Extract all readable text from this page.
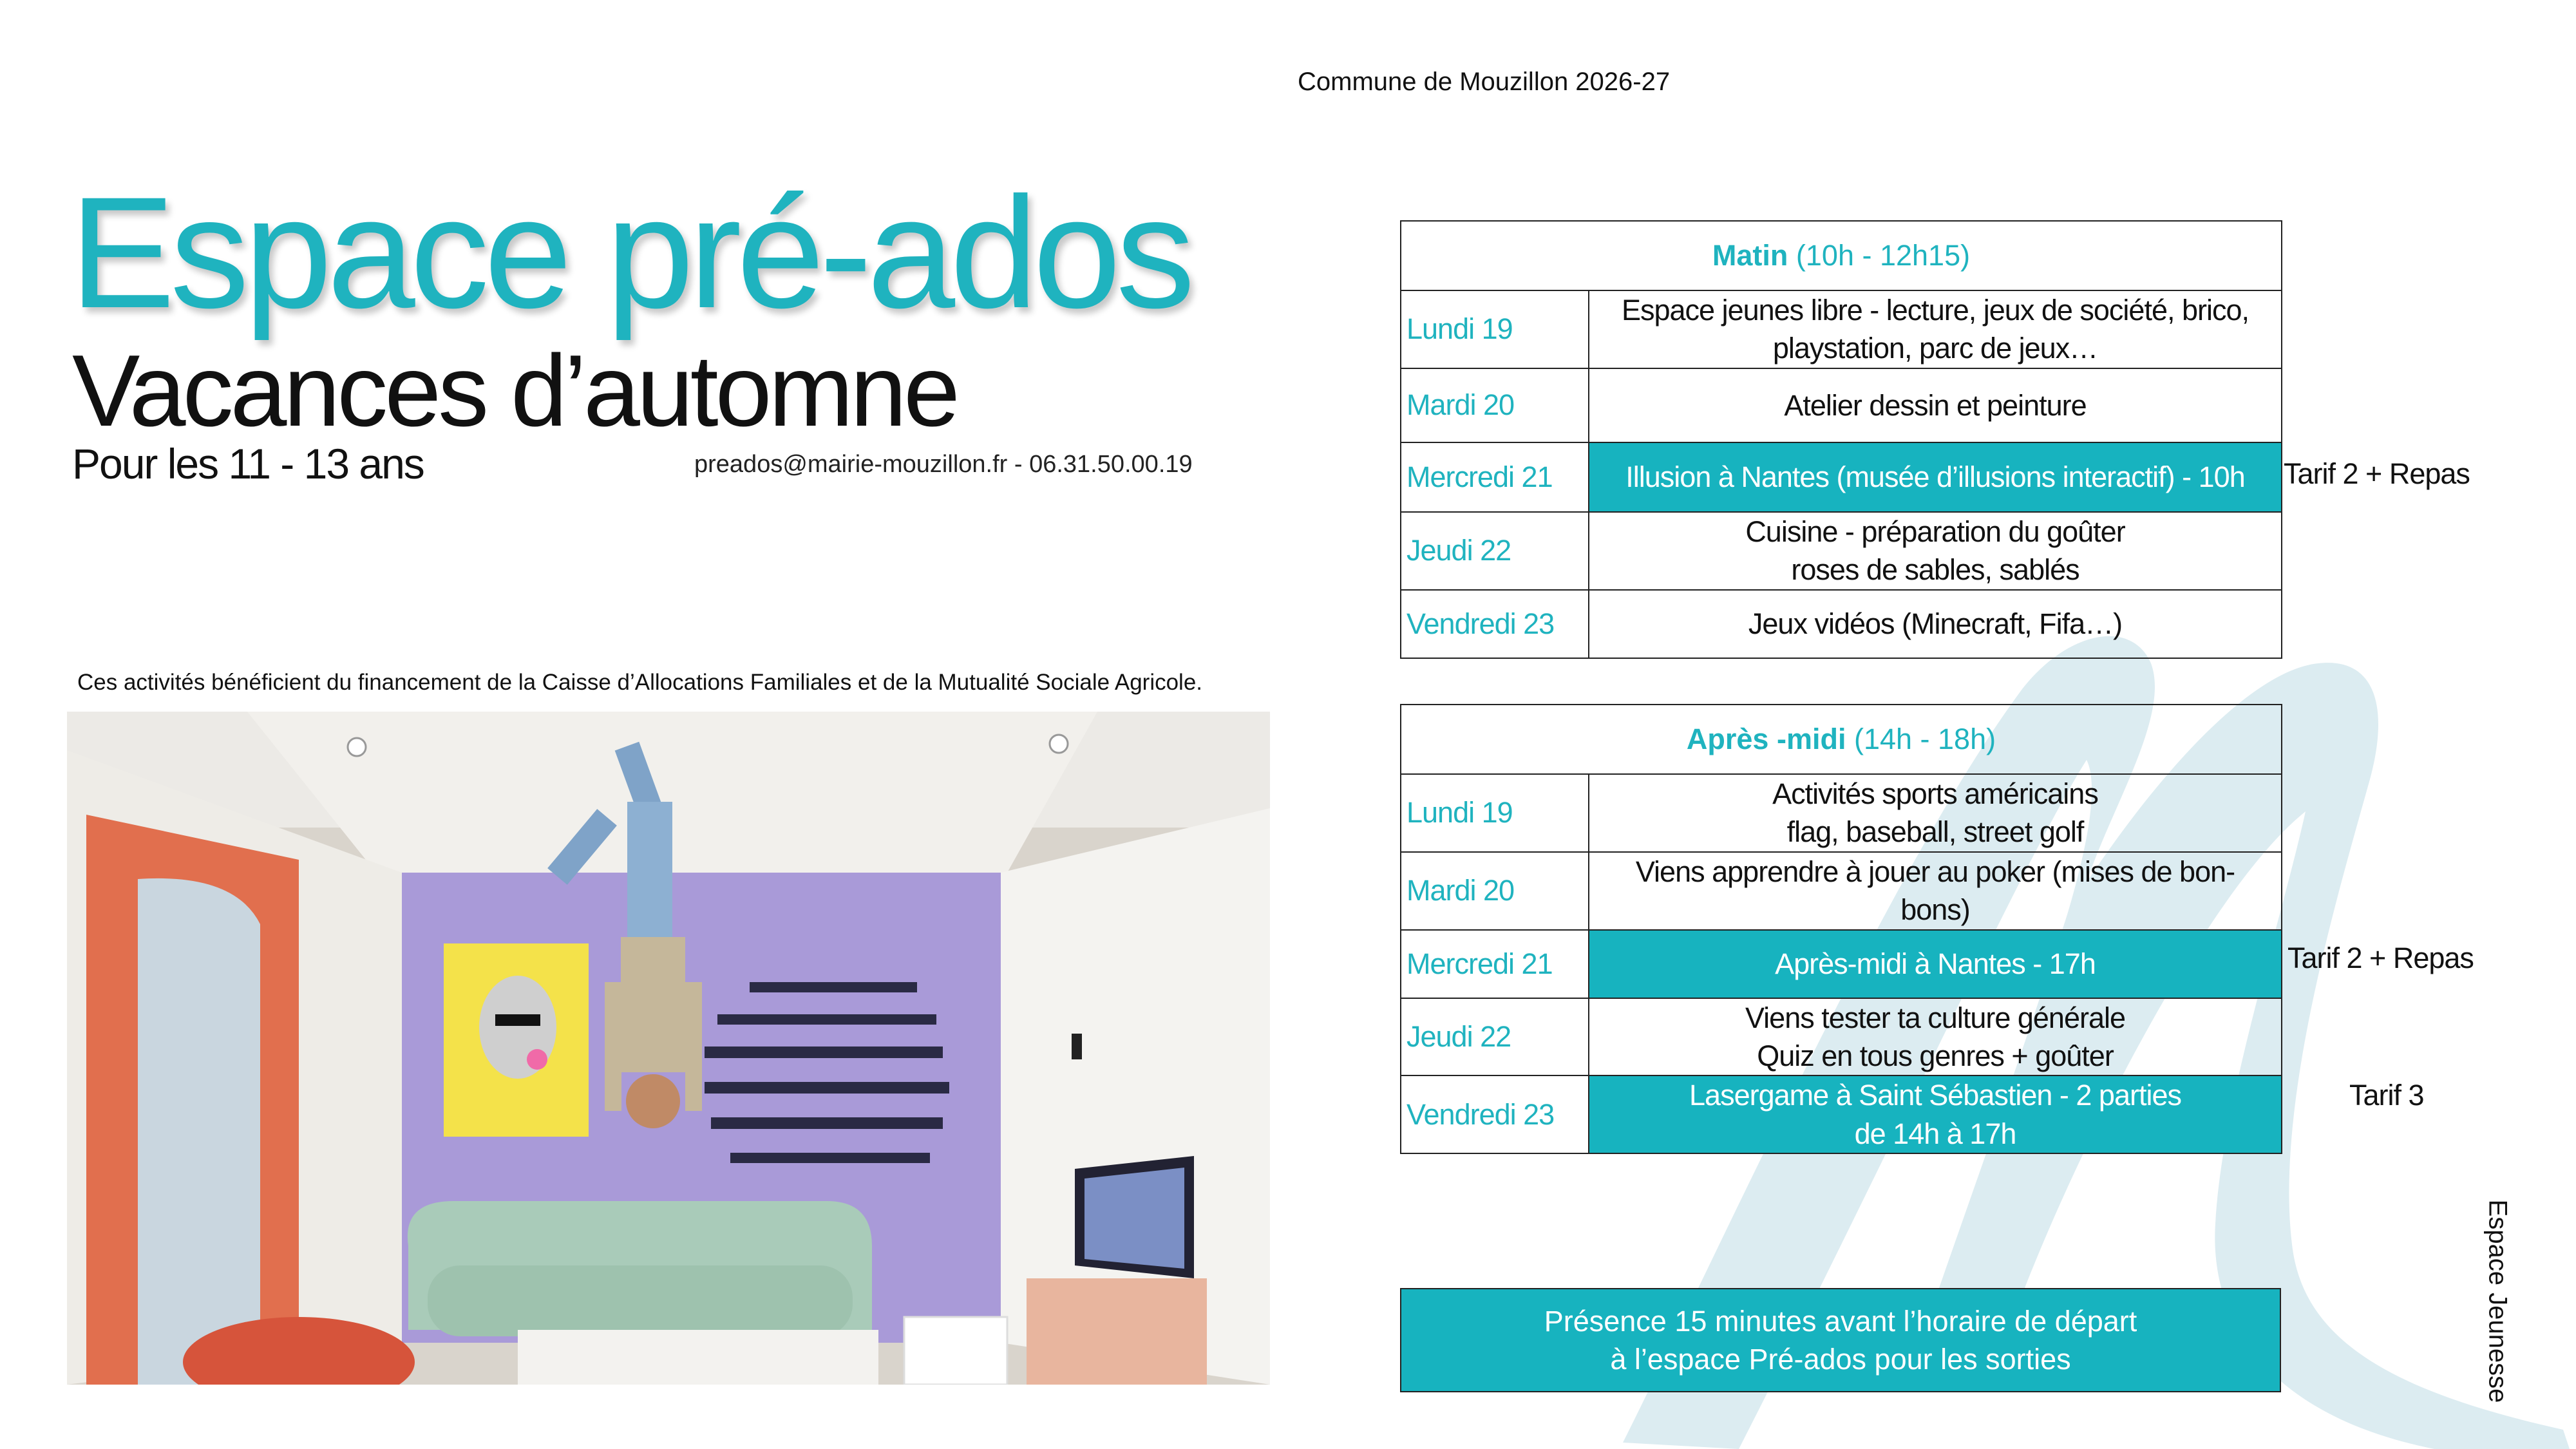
Commune de Mouzillon 2026-27
Espace pré-ados
Vacances d’automne
Pour les 11 - 13 ans	preados@mairie-mouzillon.fr - 06.31.50.00.19
Ces activités bénéficient du financement de la Caisse d’Allocations Familiales et de la Mutualité Sociale Agricole.
Matin (10h - 12h15)	
Lundi 19	Espace jeunes libre - lecture, jeux de société, brico,
playstation, parc de jeux…

Mardi 20	Atelier dessin et peinture

Mercredi 21	Illusion à Nantes (musée d’illusions interactif) - 10h

Jeudi 22	Cuisine - préparation du goûter
roses de sables, sablés

Vendredi 23	Jeux vidéos (Minecraft, Fifa…)
Tarif 2 + Repas
Après -midi (14h - 18h)	
Lundi 19	Activités sports américains
flag, baseball, street golf

Mardi 20	Viens apprendre à jouer au poker (mises de bon-
bons)

Mercredi 21	Après-midi à Nantes - 17h

Jeudi 22	Viens tester ta culture générale
Quiz en tous genres + goûter

Vendredi 23	Lasergame à Saint Sébastien - 2 parties
de 14h à 17h
Tarif 2 + Repas
Tarif 3
Présence 15 minutes avant l’horaire de départ
à l’espace Pré-ados pour les sorties	Espace Jeunesse
